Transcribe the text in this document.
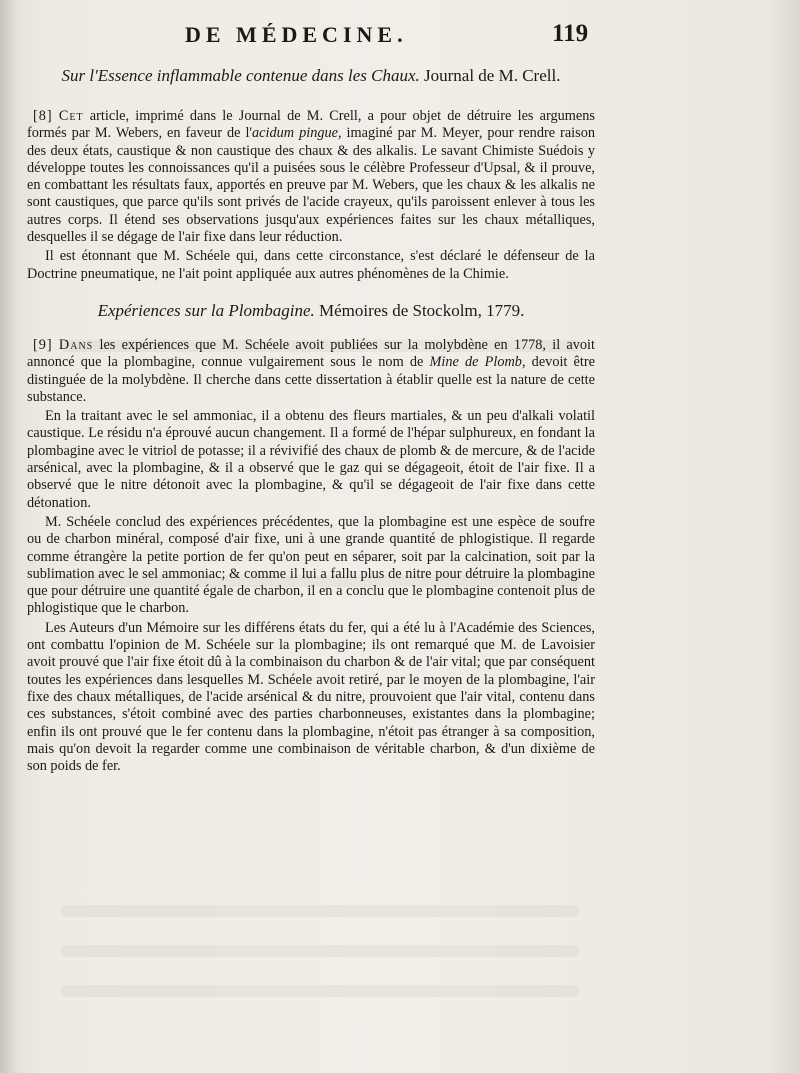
DE MÉDECINE.	119
Sur l'Essence inflammable contenue dans les Chaux. Journal de M. Crell.

[8] Cet article, imprimé dans le Journal de M. Crell, a pour objet de détruire les argumens formés par M. Webers, en faveur de l'acidum pingue, imaginé par M. Meyer, pour rendre raison des deux états, caustique & non caustique des chaux & des alkalis. Le savant Chimiste Suédois y développe toutes les connoissances qu'il a puisées sous le célèbre Professeur d'Upsal, & il prouve, en combattant les résultats faux, apportés en preuve par M. Webers, que les chaux & les alkalis ne sont caustiques, que parce qu'ils sont privés de l'acide crayeux, qu'ils paroissent enlever à tous les autres corps. Il étend ses observations jusqu'aux expériences faites sur les chaux métalliques, desquelles il se dégage de l'air fixe dans leur réduction.

Il est étonnant que M. Schéele qui, dans cette circonstance, s'est déclaré le défenseur de la Doctrine pneumatique, ne l'ait point appliquée aux autres phénomènes de la Chimie.

Expériences sur la Plombagine. Mémoires de Stockolm, 1779.

[9] Dans les expériences que M. Schéele avoit publiées sur la molybdène en 1778, il avoit annoncé que la plombagine, connue vulgairement sous le nom de Mine de Plomb, devoit être distinguée de la molybdène. Il cherche dans cette dissertation à établir quelle est la nature de cette substance.

En la traitant avec le sel ammoniac, il a obtenu des fleurs martiales, & un peu d'alkali volatil caustique. Le résidu n'a éprouvé aucun changement. Il a formé de l'hépar sulphureux, en fondant la plombagine avec le vitriol de potasse; il a révivifié des chaux de plomb & de mercure, & de l'acide arsénical, avec la plombagine, & il a observé que le gaz qui se dégageoit, étoit de l'air fixe. Il a observé que le nitre détonoit avec la plombagine, & qu'il se dégageoit de l'air fixe dans cette détonation.

M. Schéele conclud des expériences précédentes, que la plombagine est une espèce de soufre ou de charbon minéral, composé d'air fixe, uni à une grande quantité de phlogistique. Il regarde comme étrangère la petite portion de fer qu'on peut en séparer, soit par la calcination, soit par la sublimation avec le sel ammoniac; & comme il lui a fallu plus de nitre pour détruire la plombagine que pour détruire une quantité égale de charbon, il en a conclu que le plombagine contenoit plus de phlogistique que le charbon.

Les Auteurs d'un Mémoire sur les différens états du fer, qui a été lu à l'Académie des Sciences, ont combattu l'opinion de M. Schéele sur la plombagine; ils ont remarqué que M. de Lavoisier avoit prouvé que l'air fixe étoit dû à la combinaison du charbon & de l'air vital; que par conséquent toutes les expériences dans lesquelles M. Schéele avoit retiré, par le moyen de la plombagine, l'air fixe des chaux métalliques, de l'acide arsénical & du nitre, prouvoient que l'air vital, contenu dans ces substances, s'étoit combiné avec des parties charbonneuses, existantes dans la plombagine; enfin ils ont prouvé que le fer contenu dans la plombagine, n'étoit pas étranger à sa composition, mais qu'on devoit la regarder comme une combinaison de véritable charbon, & d'un dixième de son poids de fer.
